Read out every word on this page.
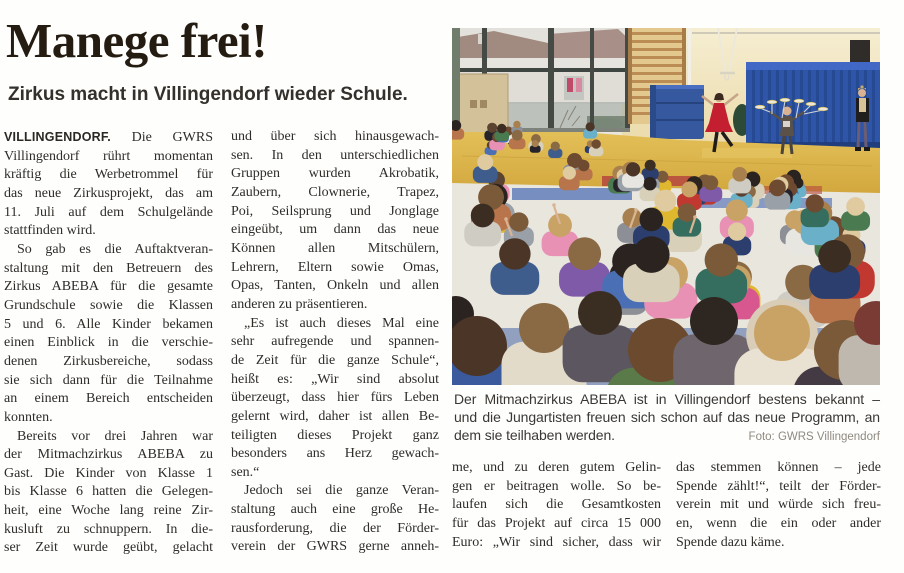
Manege frei!
Zirkus macht in Villingendorf wieder Schule.
VILLINGENDORF. Die GWRS
Villingendorf rührt momentan
kräftig die Werbetrommel für
das neue Zirkusprojekt, das am
11. Juli auf dem Schulgelände
stattfinden wird.
So gab es die Auftaktveran-
staltung mit den Betreuern des
Zirkus ABEBA für die gesamte
Grundschule sowie die Klassen
5 und 6. Alle Kinder bekamen
einen Einblick in die verschie-
denen Zirkusbereiche, sodass
sie sich dann für die Teilnahme
an einem Bereich entscheiden
konnten.
Bereits vor drei Jahren war
der Mitmachzirkus ABEBA zu
Gast. Die Kinder von Klasse 1
bis Klasse 6 hatten die Gelegen-
heit, eine Woche lang reine Zir-
kusluft zu schnuppern. In die-
ser Zeit wurde geübt, gelacht
und über sich hinausgewach-
sen. In den unterschiedlichen
Gruppen wurden Akrobatik,
Zaubern, Clownerie, Trapez,
Poi, Seilsprung und Jonglage
eingeübt, um dann das neue
Können allen Mitschülern,
Lehrern, Eltern sowie Omas,
Opas, Tanten, Onkeln und allen
anderen zu präsentieren.
„Es ist auch dieses Mal eine
sehr aufregende und spannen-
de Zeit für die ganze Schule“,
heißt es: „Wir sind absolut
überzeugt, dass hier fürs Leben
gelernt wird, daher ist allen Be-
teiligten dieses Projekt ganz
besonders ans Herz gewach-
sen.“
Jedoch sei die ganze Veran-
staltung auch eine große He-
rausforderung, die der Förder-
verein der GWRS gerne anneh-
Der Mitmachzirkus ABEBA ist in Villingendorf bestens bekannt –
und die Jungartisten freuen sich schon auf das neue Programm, an
dem sie teilhaben werden.	Foto: GWRS Villingendorf
me, und zu deren gutem Gelin-
gen er beitragen wolle. So be-
laufen sich die Gesamtkosten
für das Projekt auf circa 15 000
Euro: „Wir sind sicher, dass wir
das stemmen können – jede
Spende zählt!“, teilt der Förder-
verein mit und würde sich freu-
en, wenn die ein oder ander
Spende dazu käme.
